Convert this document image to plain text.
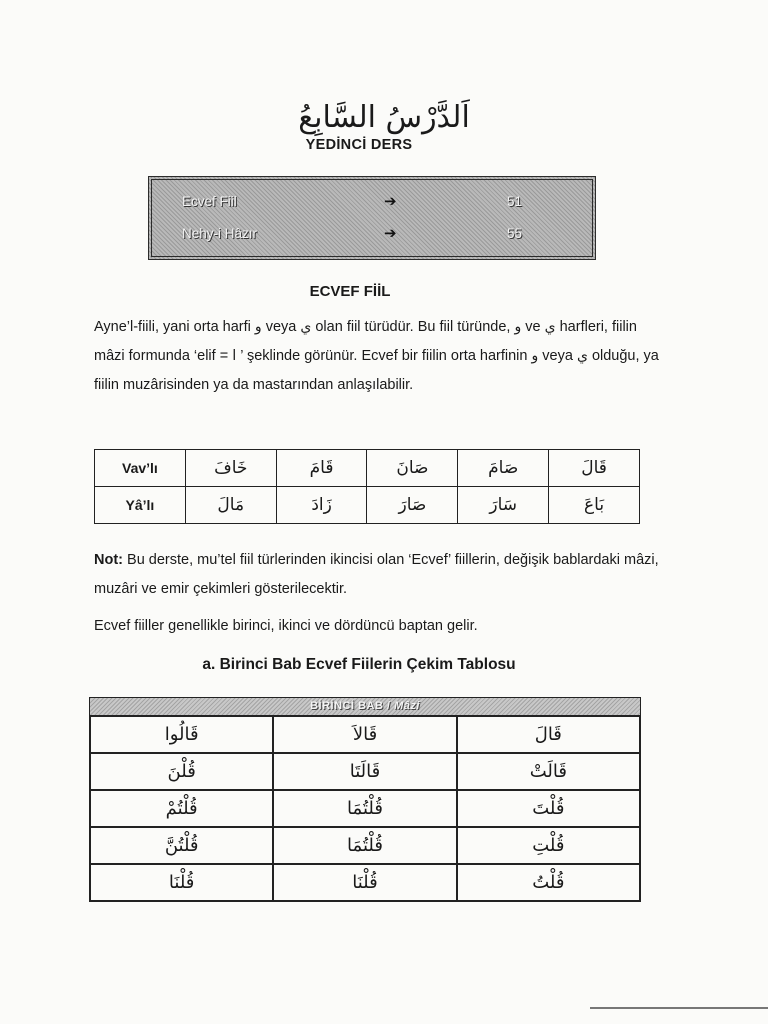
اَلدَّرْسُ السَّابِعُ
YEDİNCİ DERS
Ecvef Fiil	➔	51
Nehy-i Hâzır	➔	55
ECVEF FİİL
Ayne’l-fiili, yani orta harfi و veya ي olan fiil türüdür. Bu fiil türünde, و ve ي harfleri, fiilin mâzi formunda ‘elif = ا ’ şeklinde görünür. Ecvef bir fiilin orta harfinin و veya ي olduğu, ya fiilin muzârisinden ya da mastarından anlaşılabilir.
Vav’lı	خَافَ	قَامَ	صَانَ	صَامَ	قَالَ
Yâ’lı	مَالَ	زَادَ	صَارَ	سَارَ	بَاعَ
Not: Bu derste, mu’tel fiil türlerinden ikincisi olan ‘Ecvef’ fiillerin, değişik bablardaki mâzi, muzâri ve emir çekimleri gösterilecektir.
Ecvef fiiller genellikle birinci, ikinci ve dördüncü baptan gelir.
a. Birinci Bab Ecvef Fiilerin Çekim Tablosu
BİRİNCİ BAB / Mâzi
قَالُوا	قَالاَ	قَالَ
قُلْنَ	قَالَتَا	قَالَتْ
قُلْتُمْ	قُلْتُمَا	قُلْتَ
قُلْتُنَّ	قُلْتُمَا	قُلْتِ
قُلْنَا	قُلْنَا	قُلْتُ
